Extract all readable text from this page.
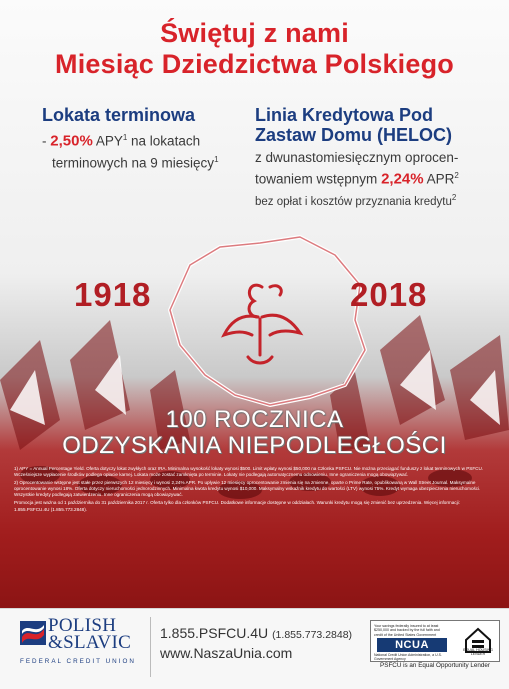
Świętuj z nami
Miesiąc Dziedzictwa Polskiego

Lokata terminowa

- 2,50% APY$^1$ na lokatach
terminowych na 9 miesięcy$^1$

Linia Kredytowa Pod

Zastaw Domu (HELOC)

z dwunastomiesięcznym oprocen-
towaniem wstępnym 2,24% APR$^2$
bez opłat i kosztów przyznania kredytu$^2$
1918	2018
100 ROCZNICA
ODZYSKANIA NIEPODLEGŁOŚCI

1) APY = Annual Percentage Yield. Oferta dotyczy lokat zwykłych oraz IRA. Minimalna wysokość lokaty wynosi $500. Limit wpłaty wynosi $50,000 na Członka PSFCU. Nie można przeciągać funduszy z lokat terminowych w PSFCU. Wcześniejsze wypłacenie środków podlega opłacie karnej. Lokata może zostać zamknięta po terminie. Lokaty nie podlegają automatycznemu odnowieniu. Inne ograniczenia mogą obowiązywać.

2) Oprocentowanie wstępne jest stałe przez pierwszych 12 miesięcy i wynosi 2,24% APR. Po upływie 12 miesięcy oprocentowanie zmienia się na zmienne, oparte o Prime Rate, opublikowaną w Wall Street Journal. Maksymalne oprocentowanie wynosi 18%. Oferta dotyczy nieruchomości jednorodzinnych. Minimalna kwota kredytu wynosi $10,000. Maksymalny wskaźnik kredytu do wartości (LTV) wynosi 75%. Kredyt wymaga ubezpieczenia nieruchomości. Wszystkie kredyty podlegają zatwierdzeniu. Inne ograniczenia mogą obowiązywać.

Promocja jest ważna od 1 października do 31 października 2017 r. Oferta tylko dla członków PSFCU. Dodatkowe informacje dostępne w oddziałach. Warunki kredytu mogą się zmienić bez uprzedzenia. Więcej informacji: 1.855.PSFCU.4U (1.855.773.2848).

POLISH
&SLAVIC
FEDERAL CREDIT UNION
1.855.PSFCU.4U (1.855.773.2848)
www.NaszaUnia.com
Your savings federally insured to at least $250,000 and backed by the full faith and credit of the United States Government
NCUA
National Credit Union Administration, a U.S. Government Agency
EQUAL HOUSING LENDER
PSFCU is an Equal Opportunity Lender
